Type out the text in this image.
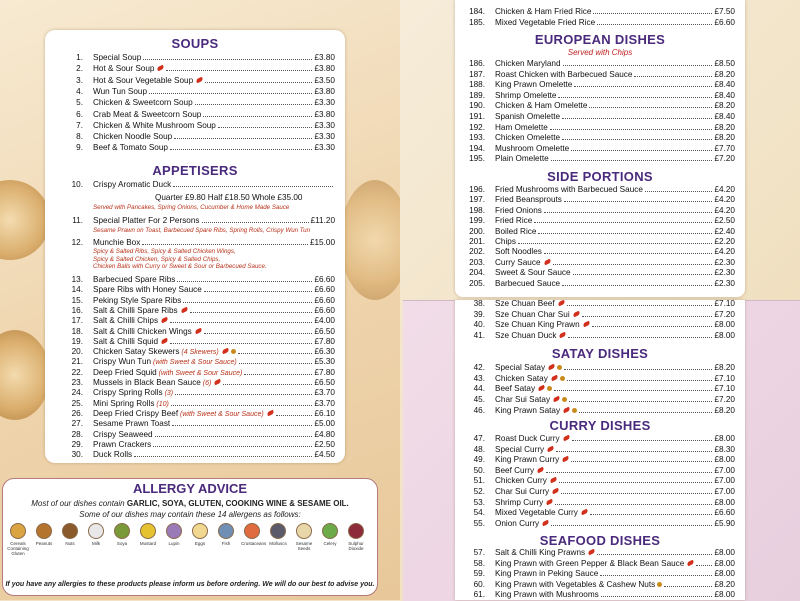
SOUPS
1. Special Soup	£3.80
2. Hot & Sour Soup	£3.80
3. Hot & Sour Vegetable Soup	£3.50
4. Wun Tun Soup	£3.80
5. Chicken & Sweetcorn Soup	£3.30
6. Crab Meat & Sweetcorn Soup	£3.80
7. Chicken & White Mushroom Soup	£3.30
8. Chicken Noodle Soup	£3.30
9. Beef & Tomato Soup	£3.30
APPETISERS
10. Crispy Aromatic Duck
Quarter £9.80 Half £18.50 Whole £35.00
Served with Pancakes, Spring Onions, Cucumber & Home Made Sauce
11. Special Platter For 2 Persons	£11.20
Sesame Prawn on Toast, Barbecued Spare Ribs, Spring Rolls, Crispy Wun Tun
12. Munchie Box	£15.00
Spicy & Salted Ribs, Spicy & Salted Chicken Wings,
Spicy & Salted Chicken, Spicy & Salted Chips,
Chicken Balls with Curry or Sweet & Sour or Barbecued Sauce.
13. Barbecued Spare Ribs	£6.60
14. Spare Ribs with Honey Sauce	£6.60
15. Peking Style Spare Ribs	£6.60
16. Salt & Chilli Spare Ribs	£6.60
17. Salt & Chilli Chips	£4.00
18. Salt & Chilli Chicken Wings	£6.50
19. Salt & Chilli Squid	£7.80
20. Chicken Satay Skewers (4 Skewers)	£6.30
21. Crispy Wun Tun (with Sweet & Sour Sauce)	£5.30
22. Deep Fried Squid (with Sweet & Sour Sauce)	£7.80
23. Mussels in Black Bean Sauce (6)	£6.50
24. Crispy Spring Rolls (3)	£3.70
25. Mini Spring Rolls (10)	£3.70
26. Deep Fried Crispy Beef (with Sweet & Sour Sauce)	£6.10
27. Sesame Prawn Toast	£5.00
28. Crispy Seaweed	£4.80
29. Prawn Crackers	£2.50
30. Duck Rolls	£4.50
184. Chicken & Ham Fried Rice	£7.50
185. Mixed Vegetable Fried Rice	£6.60
EUROPEAN DISHES
Served with Chips
186. Chicken Maryland	£8.50
187. Roast Chicken with Barbecued Sauce	£8.20
188. King Prawn Omelette	£8.40
189. Shrimp Omelette	£8.40
190. Chicken & Ham Omelette	£8.20
191. Spanish Omelette	£8.40
192. Ham Omelette	£8.20
193. Chicken Omelette	£8.20
194. Mushroom Omelette	£7.70
195. Plain Omelette	£7.20
SIDE PORTIONS
196. Fried Mushrooms with Barbecued Sauce	£4.20
197. Fried Beansprouts	£4.20
198. Fried Onions	£4.20
199. Fried Rice	£2.50
200. Boiled Rice	£2.40
201. Chips	£2.20
202. Soft Noodles	£4.20
203. Curry Sauce	£2.30
204. Sweet & Sour Sauce	£2.30
205. Barbecued Sauce	£2.30
38. Sze Chuan Beef	£7.10
39. Sze Chuan Char Sui	£7.20
40. Sze Chuan King Prawn	£8.00
41. Sze Chuan Duck	£8.00
SATAY DISHES
42. Special Satay	£8.20
43. Chicken Satay	£7.10
44. Beef Satay	£7.10
45. Char Sui Satay	£7.20
46. King Prawn Satay	£8.20
CURRY DISHES
47. Roast Duck Curry	£8.00
48. Special Curry	£8.30
49. King Prawn Curry	£8.00
50. Beef Curry	£7.00
51. Chicken Curry	£7.00
52. Char Sui Curry	£7.00
53. Shrimp Curry	£8.00
54. Mixed Vegetable Curry	£6.60
55. Onion Curry	£5.90
SEAFOOD DISHES
57. Salt & Chilli King Prawns	£8.00
58. King Prawn with Green Pepper & Black Bean Sauce	£8.00
59. King Prawn in Peking Sauce	£8.00
60. King Prawn with Vegetables & Cashew Nuts	£8.20
61. King Prawn with Mushrooms	£8.00
ALLERGY ADVICE
Most of our dishes contain GARLIC, SOYA, GLUTEN, COOKING WINE & SESAME OIL.
Some of our dishes may contain these 14 allergens as follows:
Cereals Containing Gluten
Peanuts	Nuts	Milk	Soya	Mustard	Lupin	Eggs	Fish	Crustaceans Molluscs	Sesame Seeds
Celery	Sulphur Dioxide
If you have any allergies to these products please inform us before ordering. We will do our best to advise you.
